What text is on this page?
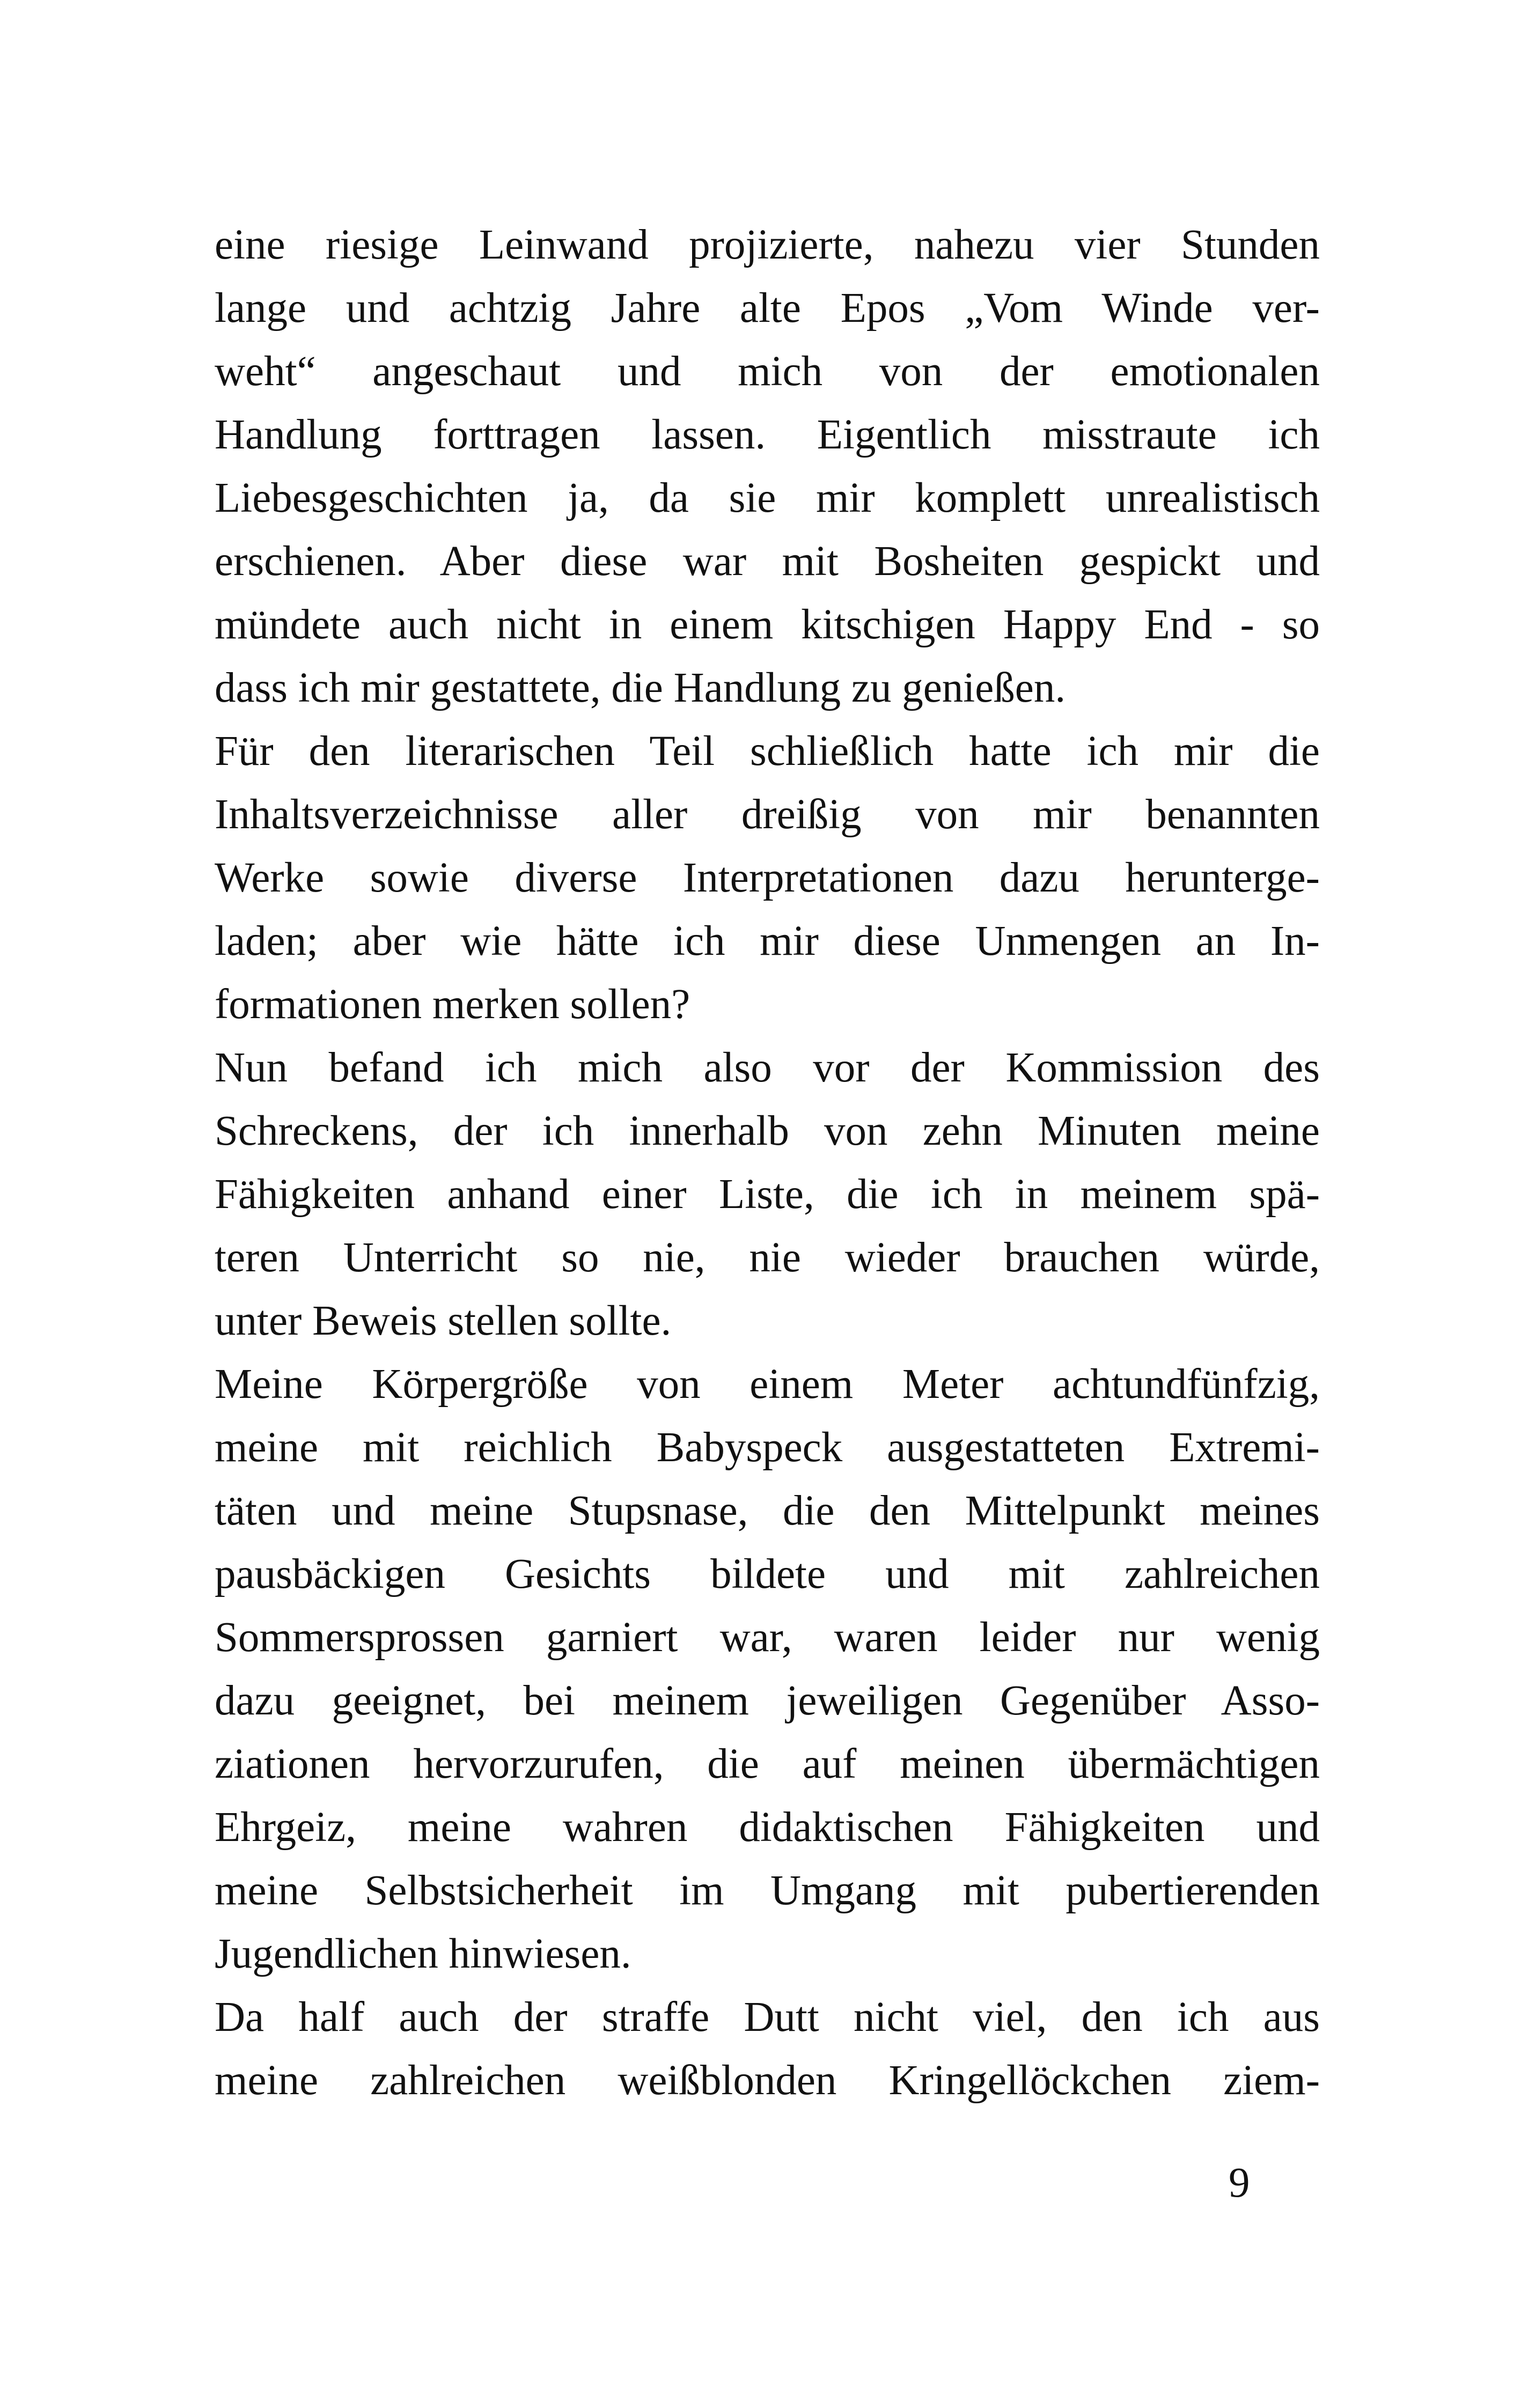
eine riesige Leinwand projizierte, nahezu vier Stunden
lange und achtzig Jahre alte Epos „Vom Winde ver-
weht“ angeschaut und mich von der emotionalen
Handlung forttragen lassen. Eigentlich misstraute ich
Liebesgeschichten ja, da sie mir komplett unrealistisch
erschienen. Aber diese war mit Bosheiten gespickt und
mündete auch nicht in einem kitschigen Happy End - so
dass ich mir gestattete, die Handlung zu genießen.
Für den literarischen Teil schließlich hatte ich mir die
Inhaltsverzeichnisse aller dreißig von mir benannten
Werke sowie diverse Interpretationen dazu herunterge-
laden; aber wie hätte ich mir diese Unmengen an In-
formationen merken sollen?
Nun befand ich mich also vor der Kommission des
Schreckens, der ich innerhalb von zehn Minuten meine
Fähigkeiten anhand einer Liste, die ich in meinem spä-
teren Unterricht so nie, nie wieder brauchen würde,
unter Beweis stellen sollte.
Meine Körpergröße von einem Meter achtundfünfzig,
meine mit reichlich Babyspeck ausgestatteten Extremi-
täten und meine Stupsnase, die den Mittelpunkt meines
pausbäckigen Gesichts bildete und mit zahlreichen
Sommersprossen garniert war, waren leider nur wenig
dazu geeignet, bei meinem jeweiligen Gegenüber Asso-
ziationen hervorzurufen, die auf meinen übermächtigen
Ehrgeiz, meine wahren didaktischen Fähigkeiten und
meine Selbstsicherheit im Umgang mit pubertierenden
Jugendlichen hinwiesen.
Da half auch der straffe Dutt nicht viel, den ich aus
meine zahlreichen weißblonden Kringellöckchen ziem-
9
